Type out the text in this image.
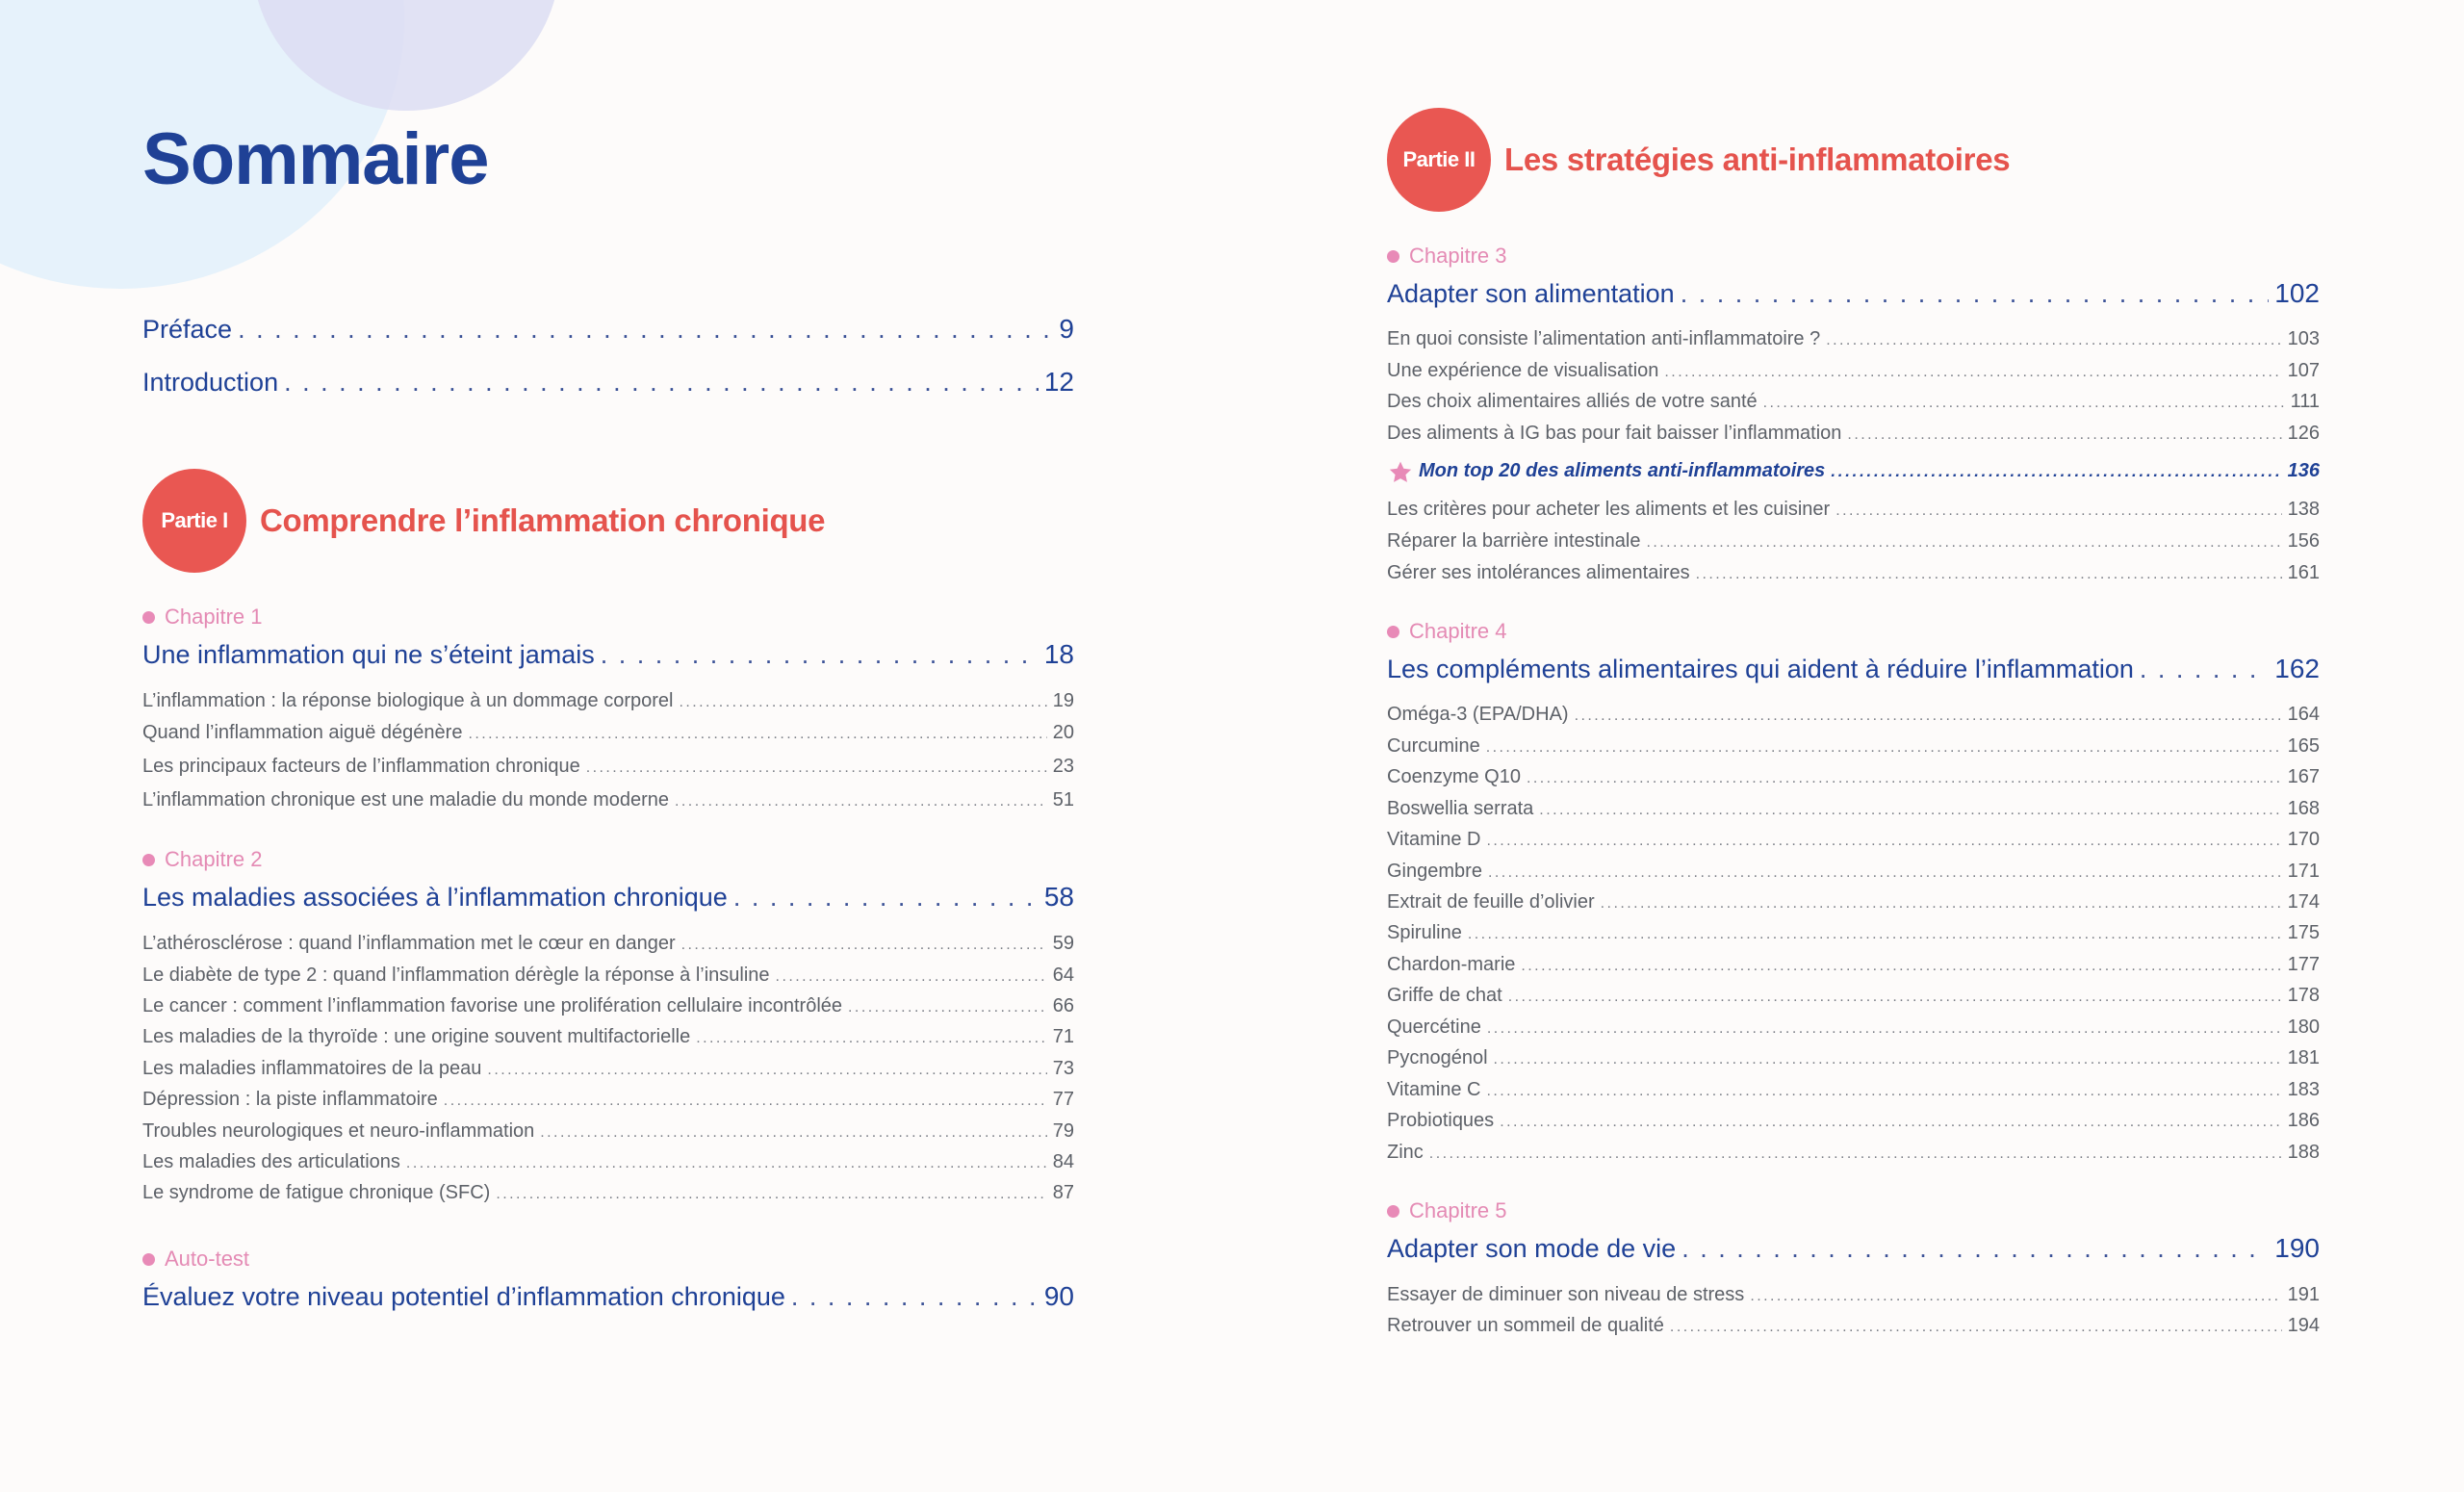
Sommaire
Préface . . .	9
Introduction . . .	12
Partie I	Comprendre l’inflammation chronique
Chapitre 1
Une inflammation qui ne s’éteint jamais . . .	18
L’inflammation : la réponse biologique à un dommage corporel . . .	19
Quand l’inflammation aiguë dégénère . . .	20
Les principaux facteurs de l’inflammation chronique . . .	23
L’inflammation chronique est une maladie du monde moderne . . .	51
Chapitre 2
Les maladies associées à l’inflammation chronique . . .	58
L’athérosclérose : quand l’inflammation met le cœur en danger . . .	59
Le diabète de type 2 : quand l’inflammation dérègle la réponse à l’insuline . . .	64
Le cancer : comment l’inflammation favorise une prolifération cellulaire incontrôlée . . .	66
Les maladies de la thyroïde : une origine souvent multifactorielle . . .	71
Les maladies inflammatoires de la peau . . .	73
Dépression : la piste inflammatoire . . .	77
Troubles neurologiques et neuro-inflammation . . .	79
Les maladies des articulations . . .	84
Le syndrome de fatigue chronique (SFC) . . .	87
Auto-test
Évaluez votre niveau potentiel d’inflammation chronique . . .	90
Partie II Les stratégies anti-inflammatoires
Chapitre 3
Adapter son alimentation . . .	102
En quoi consiste l’alimentation anti-inflammatoire ? . . .	103
Une expérience de visualisation . . .	107
Des choix alimentaires alliés de votre santé . . .	111
Des aliments à IG bas pour fait baisser l’inflammation . . .	126
Mon top 20 des aliments anti-inflammatoires . . .	136
Les critères pour acheter les aliments et les cuisiner . . .	138
Réparer la barrière intestinale . . .	156
Gérer ses intolérances alimentaires . . .	161
Chapitre 4
Les compléments alimentaires qui aident à réduire l’inflammation . . .	162
Oméga-3 (EPA/DHA) . . .	164
Curcumine . . .	165
Coenzyme Q10 . . .	167
Boswellia serrata . . .	168
Vitamine D . . .	170
Gingembre . . .	171
Extrait de feuille d’olivier . . .	174
Spiruline . . .	175
Chardon-marie . . .	177
Griffe de chat . . .	178
Quercétine . . .	180
Pycnogénol . . .	181
Vitamine C . . .	183
Probiotiques . . .	186
Zinc . . .	188
Chapitre 5
Adapter son mode de vie . . .	190
Essayer de diminuer son niveau de stress . . .	191
Retrouver un sommeil de qualité . . .	194
